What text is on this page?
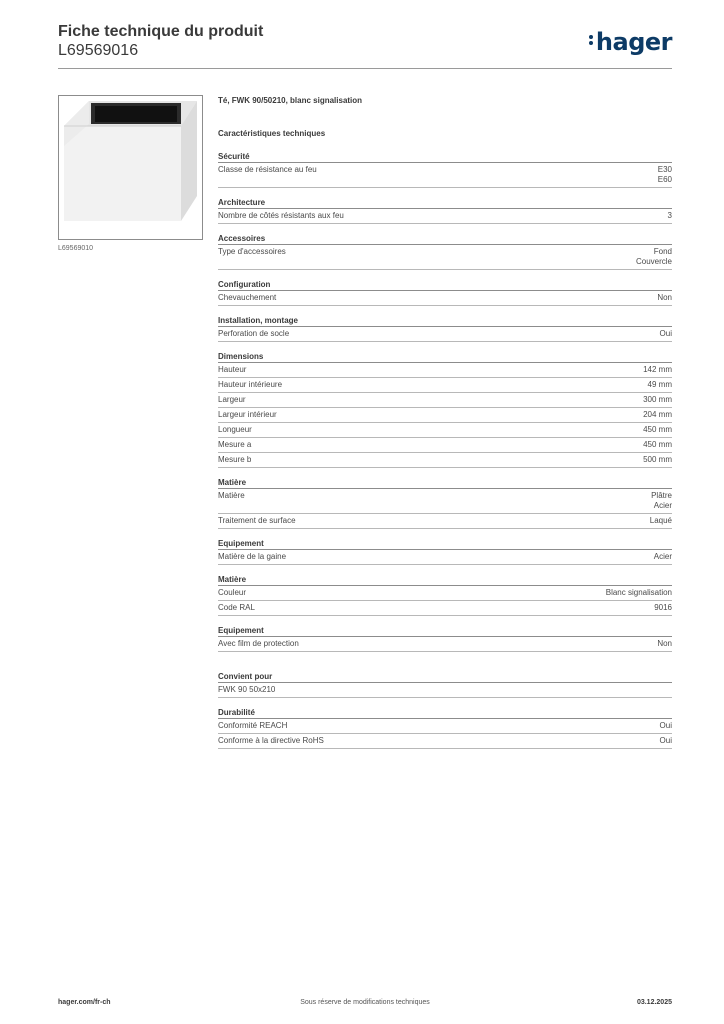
Fiche technique du produit
L69569016	hager
L69569010
Té, FWK 90/50210, blanc signalisation
Caractéristiques techniques
Sécurité
Classe de résistance au feu	E30
E60
Architecture
Nombre de côtés résistants aux feu	3
Accessoires
Type d'accessoires	Fond
Couvercle
Configuration
Chevauchement	Non
Installation, montage
Perforation de socle	Oui
Dimensions
Hauteur	142 mm
Hauteur intérieure	49 mm
Largeur	300 mm
Largeur intérieur	204 mm
Longueur	450 mm
Mesure a	450 mm
Mesure b	500 mm
Matière
Matière	Plâtre
Acier
Traitement de surface	Laqué
Equipement
Matière de la gaine	Acier
Matière
Couleur	Blanc signalisation
Code RAL	9016
Equipement
Avec film de protection	Non
Convient pour
FWK 90 50x210
Durabilité
Conformité REACH	Oui
Conforme à la directive RoHS	Oui
hager.com/fr-ch	Sous réserve de modifications techniques	03.12.2025
